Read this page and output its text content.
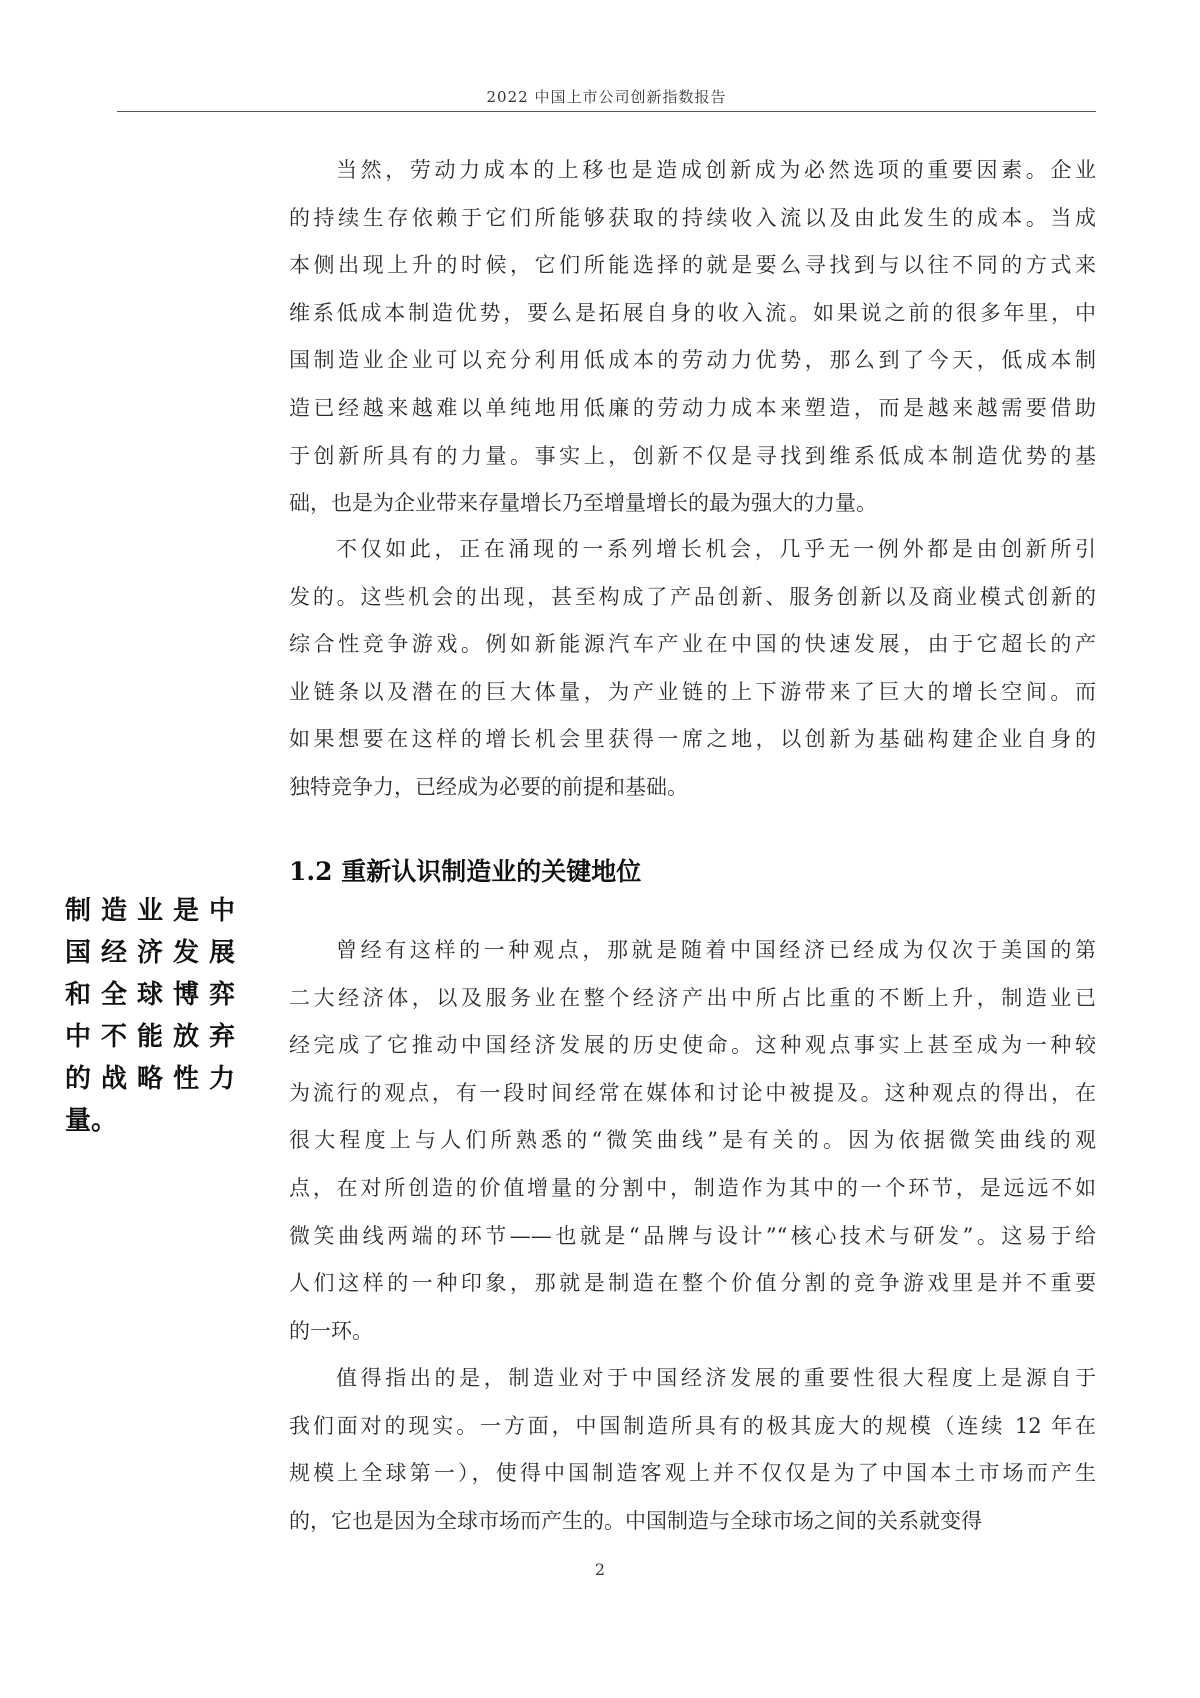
2022 中国上市公司创新指数报告
当然，劳动力成本的上移也是造成创新成为必然选项的重要因素。企业
的持续生存依赖于它们所能够获取的持续收入流以及由此发生的成本。当成
本侧出现上升的时候，它们所能选择的就是要么寻找到与以往不同的方式来
维系低成本制造优势，要么是拓展自身的收入流。如果说之前的很多年里，中
国制造业企业可以充分利用低成本的劳动力优势，那么到了今天，低成本制
造已经越来越难以单纯地用低廉的劳动力成本来塑造，而是越来越需要借助
于创新所具有的力量。事实上，创新不仅是寻找到维系低成本制造优势的基
础，也是为企业带来存量增长乃至增量增长的最为强大的力量。
不仅如此，正在涌现的一系列增长机会，几乎无一例外都是由创新所引
发的。这些机会的出现，甚至构成了产品创新、服务创新以及商业模式创新的
综合性竞争游戏。例如新能源汽车产业在中国的快速发展，由于它超长的产
业链条以及潜在的巨大体量，为产业链的上下游带来了巨大的增长空间。而
如果想要在这样的增长机会里获得一席之地，以创新为基础构建企业自身的
独特竞争力，已经成为必要的前提和基础。
1.2 重新认识制造业的关键地位
曾经有这样的一种观点，那就是随着中国经济已经成为仅次于美国的第
二大经济体，以及服务业在整个经济产出中所占比重的不断上升，制造业已
经完成了它推动中国经济发展的历史使命。这种观点事实上甚至成为一种较
为流行的观点，有一段时间经常在媒体和讨论中被提及。这种观点的得出，在
很大程度上与人们所熟悉的“微笑曲线”是有关的。因为依据微笑曲线的观
点，在对所创造的价值增量的分割中，制造作为其中的一个环节，是远远不如
微笑曲线两端的环节——也就是“品牌与设计”“核心技术与研发”。这易于给
人们这样的一种印象，那就是制造在整个价值分割的竞争游戏里是并不重要
的一环。
值得指出的是，制造业对于中国经济发展的重要性很大程度上是源自于
我们面对的现实。一方面，中国制造所具有的极其庞大的规模（连续 12 年在
规模上全球第一），使得中国制造客观上并不仅仅是为了中国本土市场而产生
的，它也是因为全球市场而产生的。中国制造与全球市场之间的关系就变得
制造业是中
国经济发展
和全球博弈
中不能放弃
的战略性力
量。
2
